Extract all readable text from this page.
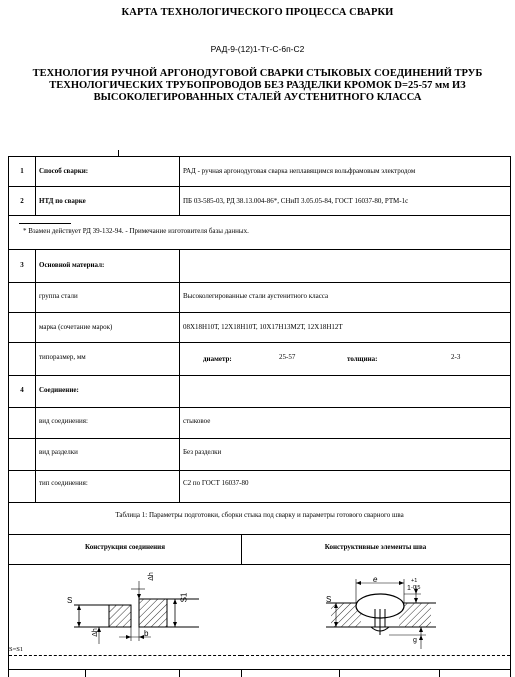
КАРТА ТЕХНОЛОГИЧЕСКОГО ПРОЦЕССА СВАРКИ
РАД-9-(12)1-Тт-С-6п-С2
ТЕХНОЛОГИЯ РУЧНОЙ АРГОНОДУГОВОЙ СВАРКИ СТЫКОВЫХ СОЕДИНЕНИЙ ТРУБ
ТЕХНОЛОГИЧЕСКИХ ТРУБОПРОВОДОВ БЕЗ РАЗДЕЛКИ КРОМОК D=25-57 мм ИЗ
ВЫСОКОЛЕГИРОВАННЫХ СТАЛЕЙ АУСТЕНИТНОГО КЛАССА
1	Способ сварки:	РАД - ручная аргонодуговая сварка неплавящимся вольфрамовым электродом
2	НТД по сварке	ПБ 03-585-03, РД 38.13.004-86*, СНиП 3.05.05-84, ГОСТ 16037-80, РТМ-1с
* Взамен действует РД 39-132-94. - Примечание изготовителя базы данных.
3	Основной материал:
группа стали	Высоколегированные стали аустенитного класса
марка (сочетание марок)	08Х18Н10Т, 12Х18Н10Т, 10Х17Н13М2Т, 12Х18Н12Т
типоразмер, мм	диаметр:	25-57	толщина:	2-3
4	Соединение:
вид соединения:	стыковое
вид разделки	Без разделки
тип соединения:	С2 по ГОСТ 16037-80
Таблица 1: Параметры подготовки, сборки стыка под сварку и параметры готового сварного шва
Конструкция соединения	Конструктивные элементы шва
S=S1
S	S1
b
Δh
Δh
S
e
1
+1
-0,5
g
